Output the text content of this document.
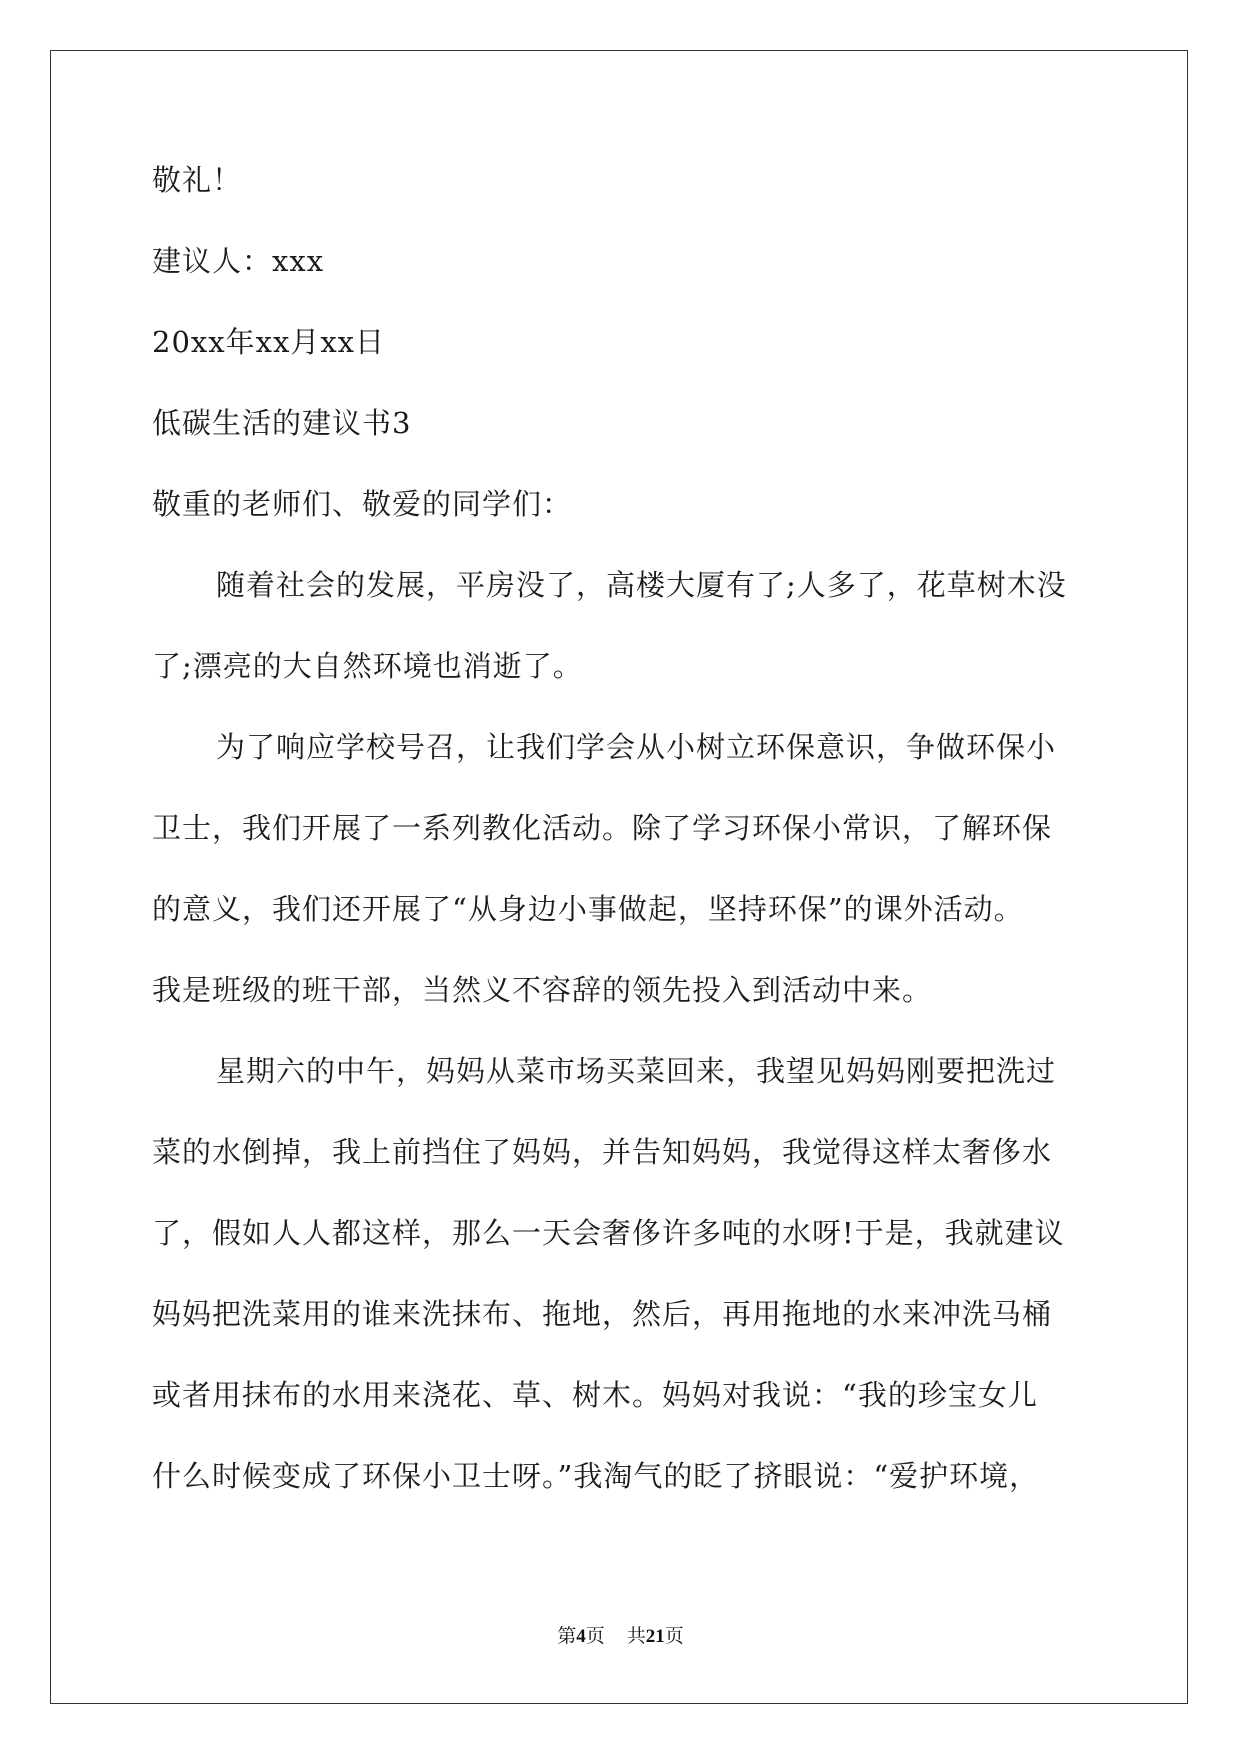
敬礼！

建议人：xxx

20xx年xx月xx日

低碳生活的建议书3

敬重的老师们、敬爱的同学们：

随着社会的发展，平房没了，高楼大厦有了;人多了，花草树木没

了;漂亮的大自然环境也消逝了。

为了响应学校号召，让我们学会从小树立环保意识，争做环保小

卫士，我们开展了一系列教化活动。除了学习环保小常识，了解环保

的意义，我们还开展了“从身边小事做起，坚持环保”的课外活动。

我是班级的班干部，当然义不容辞的领先投入到活动中来。

星期六的中午，妈妈从菜市场买菜回来，我望见妈妈刚要把洗过

菜的水倒掉，我上前挡住了妈妈，并告知妈妈，我觉得这样太奢侈水

了，假如人人都这样，那么一天会奢侈许多吨的水呀!于是，我就建议

妈妈把洗菜用的谁来洗抹布、拖地，然后，再用拖地的水来冲洗马桶

或者用抹布的水用来浇花、草、树木。妈妈对我说：“我的珍宝女儿

什么时候变成了环保小卫士呀。”我淘气的眨了挤眼说：“爱护环境，

第4页 共21页
